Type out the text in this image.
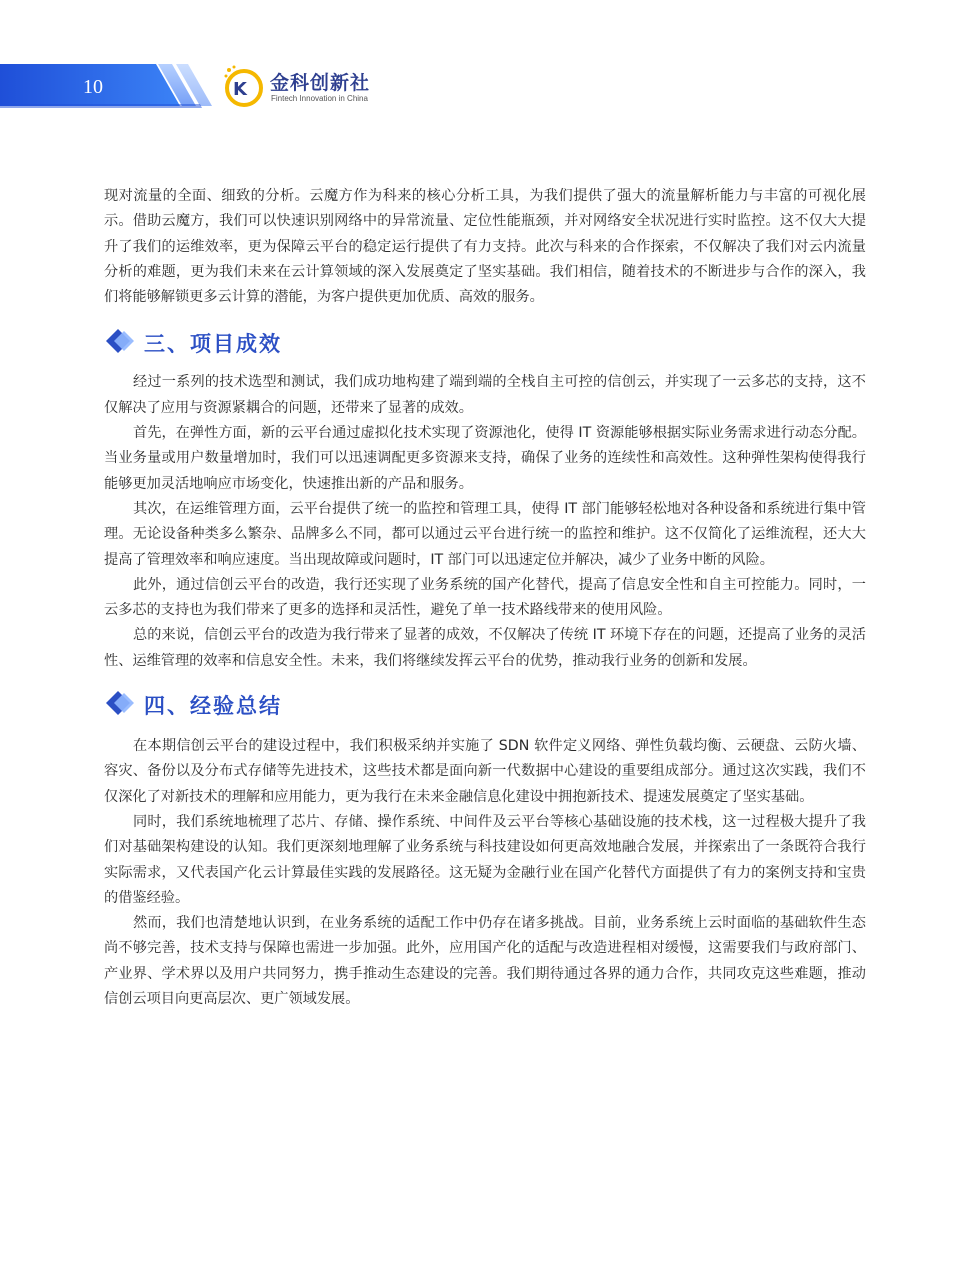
10	K 金科创新社
Fintech Innovation in China

现对流量的全面、细致的分析。云魔方作为科来的核心分析工具，为我们提供了强大的流量解析能力与丰富的可视化展示。借助云魔方，我们可以快速识别网络中的异常流量、定位性能瓶颈，并对网络安全状况进行实时监控。这不仅大大提升了我们的运维效率，更为保障云平台的稳定运行提供了有力支持。此次与科来的合作探索，不仅解决了我们对云内流量分析的难题，更为我们未来在云计算领域的深入发展奠定了坚实基础。我们相信，随着技术的不断进步与合作的深入，我们将能够解锁更多云计算的潜能，为客户提供更加优质、高效的服务。

三、项目成效

经过一系列的技术选型和测试，我们成功地构建了端到端的全栈自主可控的信创云，并实现了一云多芯的支持，这不仅解决了应用与资源紧耦合的问题，还带来了显著的成效。

首先，在弹性方面，新的云平台通过虚拟化技术实现了资源池化，使得 IT 资源能够根据实际业务需求进行动态分配。当业务量或用户数量增加时，我们可以迅速调配更多资源来支持，确保了业务的连续性和高效性。这种弹性架构使得我行能够更加灵活地响应市场变化，快速推出新的产品和服务。

其次，在运维管理方面，云平台提供了统一的监控和管理工具，使得 IT 部门能够轻松地对各种设备和系统进行集中管理。无论设备种类多么繁杂、品牌多么不同，都可以通过云平台进行统一的监控和维护。这不仅简化了运维流程，还大大提高了管理效率和响应速度。当出现故障或问题时，IT 部门可以迅速定位并解决，减少了业务中断的风险。

此外，通过信创云平台的改造，我行还实现了业务系统的国产化替代，提高了信息安全性和自主可控能力。同时，一云多芯的支持也为我们带来了更多的选择和灵活性，避免了单一技术路线带来的使用风险。

总的来说，信创云平台的改造为我行带来了显著的成效，不仅解决了传统 IT 环境下存在的问题，还提高了业务的灵活性、运维管理的效率和信息安全性。未来，我们将继续发挥云平台的优势，推动我行业务的创新和发展。

四、经验总结

在本期信创云平台的建设过程中，我们积极采纳并实施了 SDN 软件定义网络、弹性负载均衡、云硬盘、云防火墙、容灾、备份以及分布式存储等先进技术，这些技术都是面向新一代数据中心建设的重要组成部分。通过这次实践，我们不仅深化了对新技术的理解和应用能力，更为我行在未来金融信息化建设中拥抱新技术、提速发展奠定了坚实基础。

同时，我们系统地梳理了芯片、存储、操作系统、中间件及云平台等核心基础设施的技术栈，这一过程极大提升了我们对基础架构建设的认知。我们更深刻地理解了业务系统与科技建设如何更高效地融合发展，并探索出了一条既符合我行实际需求，又代表国产化云计算最佳实践的发展路径。这无疑为金融行业在国产化替代方面提供了有力的案例支持和宝贵的借鉴经验。

然而，我们也清楚地认识到，在业务系统的适配工作中仍存在诸多挑战。目前，业务系统上云时面临的基础软件生态尚不够完善，技术支持与保障也需进一步加强。此外，应用国产化的适配与改造进程相对缓慢，这需要我们与政府部门、产业界、学术界以及用户共同努力，携手推动生态建设的完善。我们期待通过各界的通力合作，共同攻克这些难题，推动信创云项目向更高层次、更广领域发展。
